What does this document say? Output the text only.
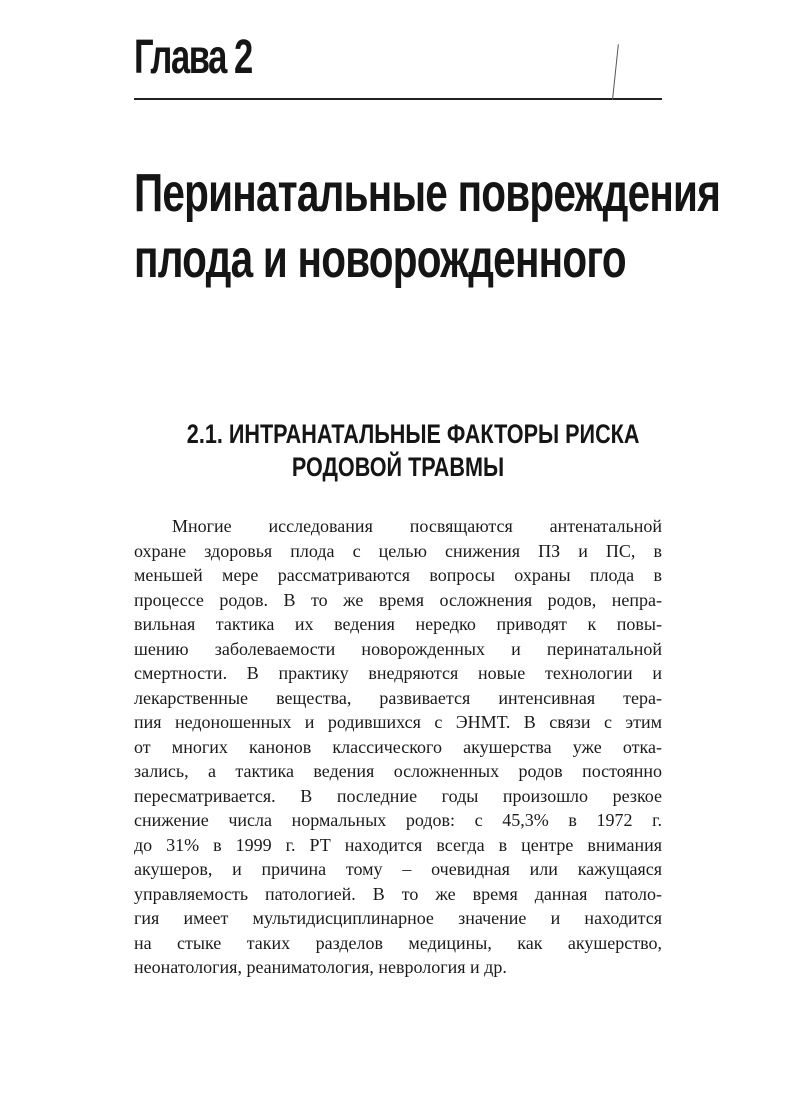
Глава 2
Перинатальные повреждения
плода и новорожденного
2.1. ИНТРАНАТАЛЬНЫЕ ФАКТОРЫ РИСКА
РОДОВОЙ ТРАВМЫ
Многие исследования посвящаются антенатальной
охране здоровья плода с целью снижения ПЗ и ПС, в
меньшей мере рассматриваются вопросы охраны плода в
процессе родов. В то же время осложнения родов, непра-
вильная тактика их ведения нередко приводят к повы-
шению заболеваемости новорожденных и перинатальной
смертности. В практику внедряются новые технологии и
лекарственные вещества, развивается интенсивная тера-
пия недоношенных и родившихся с ЭНМТ. В связи с этим
от многих канонов классического акушерства уже отка-
зались, а тактика ведения осложненных родов постоянно
пересматривается. В последние годы произошло резкое
снижение числа нормальных родов: с 45,3% в 1972 г.
до 31% в 1999 г. РТ находится всегда в центре внимания
акушеров, и причина тому – очевидная или кажущаяся
управляемость патологией. В то же время данная патоло-
гия имеет мультидисциплинарное значение и находится
на стыке таких разделов медицины, как акушерство,
неонатология, реаниматология, неврология и др.
